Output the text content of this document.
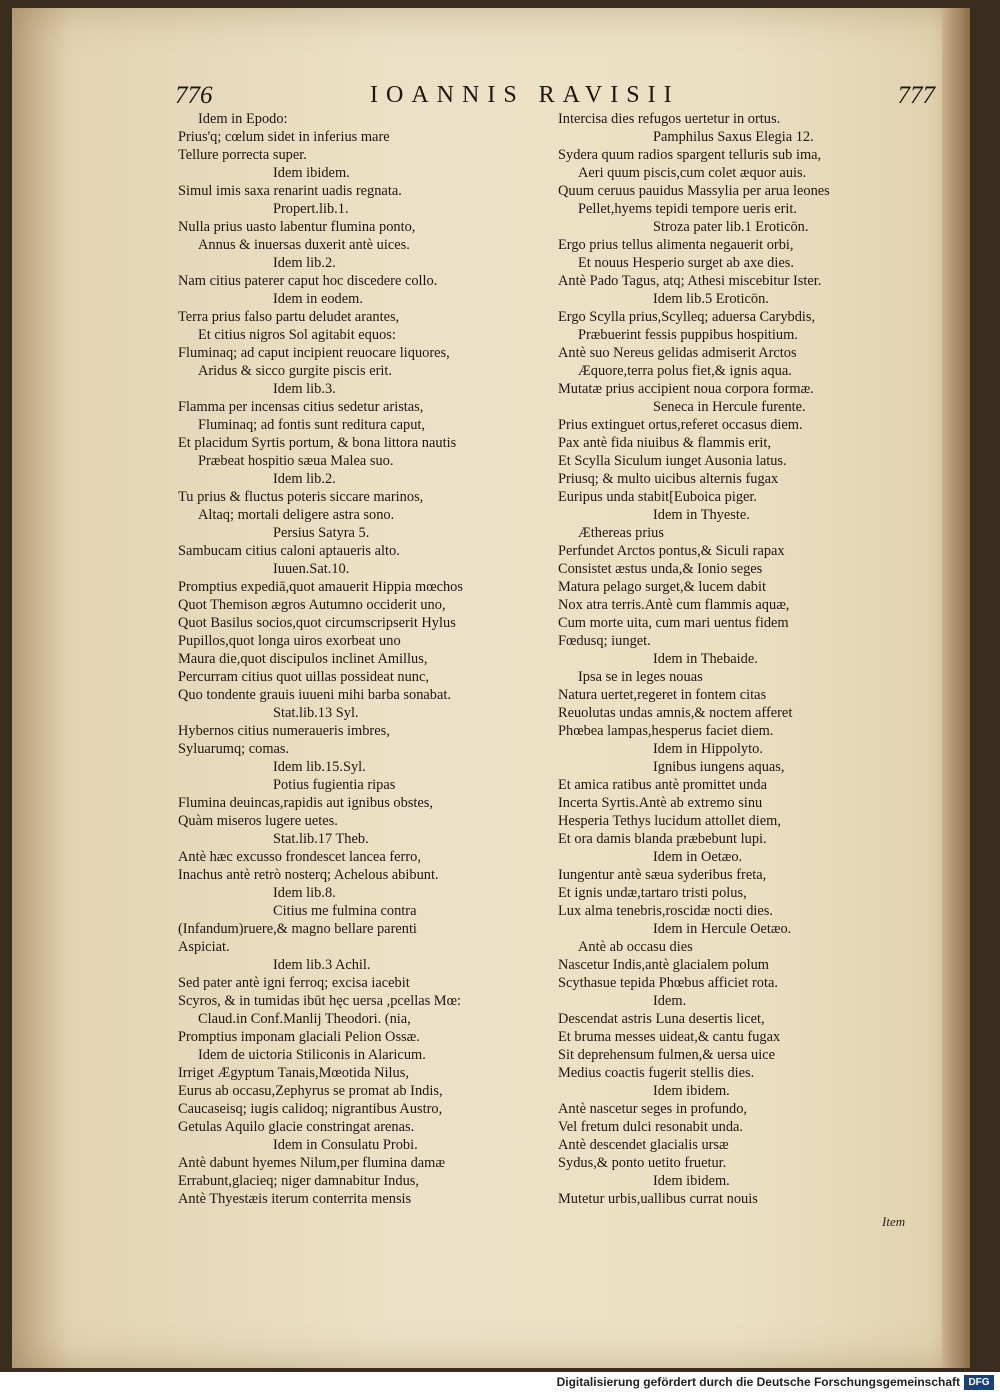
776	IOANNIS RAVISII	777
Idem in Epodo:
Prius'q; cœlum sidet in inferius mare
Tellure porrecta super.
Idem ibidem.
Simul imis saxa renarint uadis regnata.
Propert.lib.1.
Nulla prius uasto labentur flumina ponto,
Annus & inuersas duxerit antè uices.
Idem lib.2.
Nam citius paterer caput hoc discedere collo.
Idem in eodem.
Terra prius falso partu deludet arantes,
Et citius nigros Sol agitabit equos:
Fluminaq; ad caput incipient reuocare liquores,
Aridus & sicco gurgite piscis erit.
Idem lib.3.
Flamma per incensas citius sedetur aristas,
Fluminaq; ad fontis sunt reditura caput,
Et placidum Syrtis portum, & bona littora nautis
Præbeat hospitio sæua Malea suo.
Idem lib.2.
Tu prius & fluctus poteris siccare marinos,
Altaq; mortali deligere astra sono.
Persius Satyra 5.
Sambucam citius caloni aptaueris alto.
Iuuen.Sat.10.
Promptius expediā,quot amauerit Hippia mœchos
Quot Themison ægros Autumno occiderit uno,
Quot Basilus socios,quot circumscripserit Hylus
Pupillos,quot longa uiros exorbeat uno
Maura die,quot discipulos inclinet Amillus,
Percurram citius quot uillas possideat nunc,
Quo tondente grauis iuueni mihi barba sonabat.
Stat.lib.13 Syl.
Hybernos citius numeraueris imbres,
Syluarumq; comas.
Idem lib.15.Syl.
Potius fugientia ripas
Flumina deuincas,rapidis aut ignibus obstes,
Quàm miseros lugere uetes.
Stat.lib.17 Theb.
Antè hæc excusso frondescet lancea ferro,
Inachus antè retrò nosterq; Achelous abibunt.
Idem lib.8.
Citius me fulmina contra
(Infandum)ruere,& magno bellare parenti
Aspiciat.
Idem lib.3 Achil.
Sed pater antè igni ferroq; excisa iacebit
Scyros, & in tumidas ibūt hęc uersa ,pcellas Mœ:
Claud.in Conf.Manlij Theodori. (nia,
Promptius imponam glaciali Pelion Ossæ.
Idem de uictoria Stiliconis in Alaricum.
Irriget Ægyptum Tanais,Mœotida Nilus,
Eurus ab occasu,Zephyrus se promat ab Indis,
Caucaseisq; iugis calidoq; nigrantibus Austro,
Getulas Aquilo glacie constringat arenas.
Idem in Consulatu Probi.
Antè dabunt hyemes Nilum,per flumina damæ
Errabunt,glacieq; niger damnabitur Indus,
Antè Thyestæis iterum conterrita mensis
Intercisa dies refugos uertetur in ortus.
Pamphilus Saxus Elegia 12.
Sydera quum radios spargent telluris sub ima,
Aeri quum piscis,cum colet æquor auis.
Quum ceruus pauidus Massylia per arua leones
Pellet,hyems tepidi tempore ueris erit.
Stroza pater lib.1 Eroticōn.
Ergo prius tellus alimenta negauerit orbi,
Et nouus Hesperio surget ab axe dies.
Antè Pado Tagus, atq; Athesi miscebitur Ister.
Idem lib.5 Eroticōn.
Ergo Scylla prius,Scylleq; aduersa Carybdis,
Præbuerint fessis puppibus hospitium.
Antè suo Nereus gelidas admiserit Arctos
Æquore,terra polus fiet,& ignis aqua.
Mutatæ prius accipient noua corpora formæ.
Seneca in Hercule furente.
Prius extinguet ortus,referet occasus diem.
Pax antè fida niuibus & flammis erit,
Et Scylla Siculum iunget Ausonia latus.
Priusq; & multo uicibus alternis fugax
Euripus unda stabit[Euboica piger.
Idem in Thyeste.
Æthereas prius
Perfundet Arctos pontus,& Siculi rapax
Consistet æstus unda,& Ionio seges
Matura pelago surget,& lucem dabit
Nox atra terris.Antè cum flammis aquæ,
Cum morte uita, cum mari uentus fidem
Fœdusq; iunget.
Idem in Thebaide.
Ipsa se in leges nouas
Natura uertet,regeret in fontem citas
Reuolutas undas amnis,& noctem afferet
Phœbea lampas,hesperus faciet diem.
Idem in Hippolyto.
Ignibus iungens aquas,
Et amica ratibus antè promittet unda
Incerta Syrtis.Antè ab extremo sinu
Hesperia Tethys lucidum attollet diem,
Et ora damis blanda præbebunt lupi.
Idem in Oetæo.
Iungentur antè sæua syderibus freta,
Et ignis undæ,tartaro tristi polus,
Lux alma tenebris,roscidæ nocti dies.
Idem in Hercule Oetæo.
Antè ab occasu dies
Nascetur Indis,antè glacialem polum
Scythasue tepida Phœbus afficiet rota.
Idem.
Descendat astris Luna desertis licet,
Et bruma messes uideat,& cantu fugax
Sit deprehensum fulmen,& uersa uice
Medius coactis fugerit stellis dies.
Idem ibidem.
Antè nascetur seges in profundo,
Vel fretum dulci resonabit unda.
Antè descendet glacialis ursæ
Sydus,& ponto uetito fruetur.
Idem ibidem.
Mutetur urbis,uallibus currat nouis
Item
Digitalisierung gefördert durch die Deutsche Forschungsgemeinschaft DFG
